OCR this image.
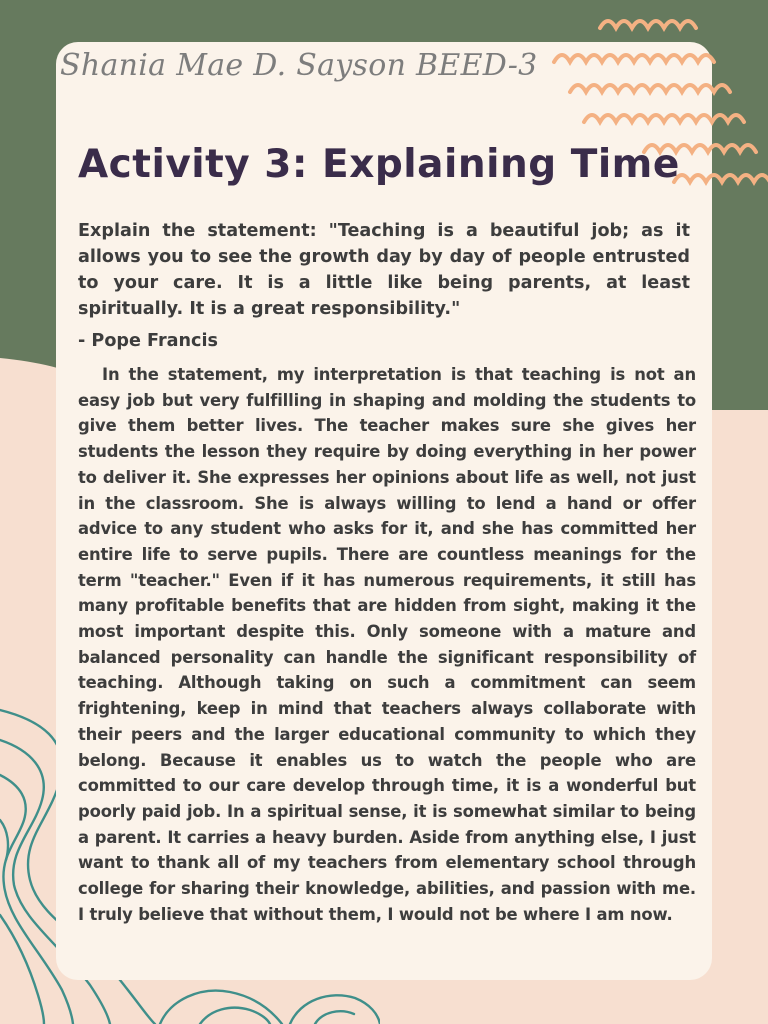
Shania Mae D. Sayson BEED-3

Activity 3: Explaining Time

Explain the statement: "Teaching is a beautiful job; as it allows you to see the growth day by day of people entrusted to your care. It is a little like being parents, at least spiritually. It is a great responsibility."

- Pope Francis

In the statement, my interpretation is that teaching is not an easy job but very fulfilling in shaping and molding the students to give them better lives. The teacher makes sure she gives her students the lesson they require by doing everything in her power to deliver it. She expresses her opinions about life as well, not just in the classroom. She is always willing to lend a hand or offer advice to any student who asks for it, and she has committed her entire life to serve pupils. There are countless meanings for the term "teacher." Even if it has numerous requirements, it still has many profitable benefits that are hidden from sight, making it the most important despite this. Only someone with a mature and balanced personality can handle the significant responsibility of teaching. Although taking on such a commitment can seem frightening, keep in mind that teachers always collaborate with their peers and the larger educational community to which they belong. Because it enables us to watch the people who are committed to our care develop through time, it is a wonderful but poorly paid job. In a spiritual sense, it is somewhat similar to being a parent. It carries a heavy burden. Aside from anything else, I just want to thank all of my teachers from elementary school through college for sharing their knowledge, abilities, and passion with me. I truly believe that without them, I would not be where I am now.
